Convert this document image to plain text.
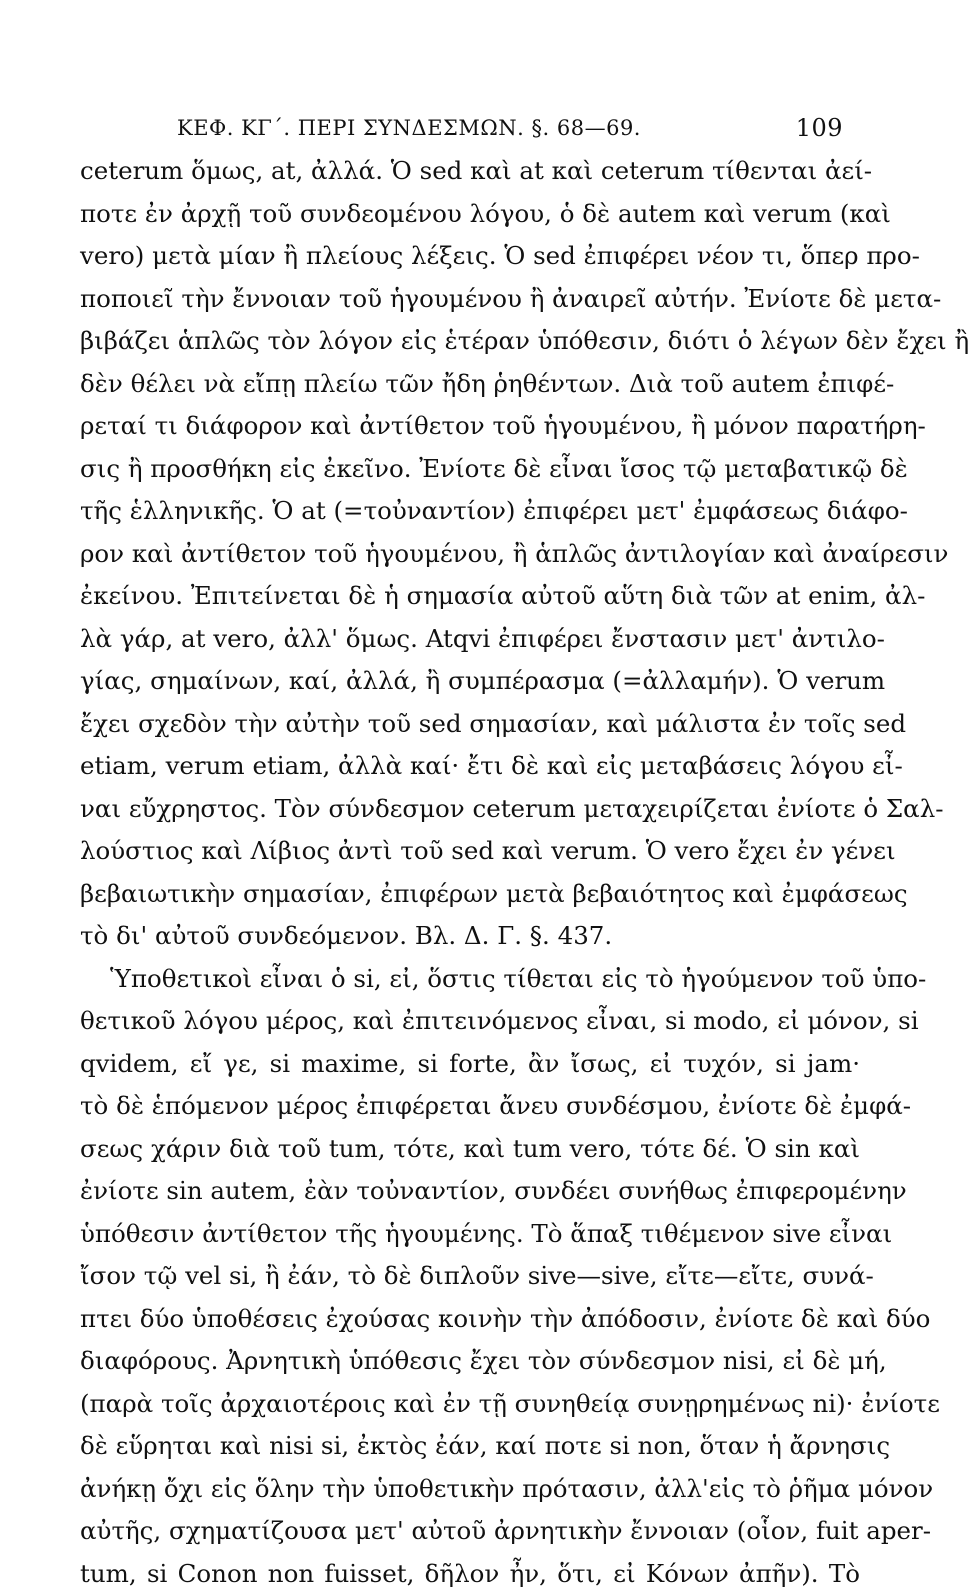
ΚΕΦ. ΚΓ΄. ΠΕΡΙ ΣΥΝΔΕΣΜΩΝ. §. 68—69.	109
ceterum ὅμως, at, ἀλλά. Ὁ sed καὶ at καὶ ceterum τίθενται ἀεί-
ποτε ἐν ἀρχῇ τοῦ συνδεομένου λόγου, ὁ δὲ autem καὶ verum (καὶ
vero) μετὰ μίαν ἢ πλείους λέξεις. Ὁ sed ἐπιφέρει νέον τι, ὅπερ προ-
ποποιεῖ τὴν ἔννοιαν τοῦ ἡγουμένου ἢ ἀναιρεῖ αὐτήν. Ἐνίοτε δὲ μετα-
βιβάζει ἁπλῶς τὸν λόγον εἰς ἑτέραν ὑπόθεσιν, διότι ὁ λέγων δὲν ἔχει ἢ
δὲν θέλει νὰ εἴπῃ πλείω τῶν ἤδη ῥηθέντων. Διὰ τοῦ autem ἐπιφέ-
ρεταί τι διάφορον καὶ ἀντίθετον τοῦ ἡγουμένου, ἢ μόνον παρατήρη-
σις ἢ προσθήκη εἰς ἐκεῖνο. Ἐνίοτε δὲ εἶναι ἴσος τῷ μεταβατικῷ δὲ
τῆς ἑλληνικῆς. Ὁ at (=τοὐναντίον) ἐπιφέρει μετ' ἐμφάσεως διάφο-
ρον καὶ ἀντίθετον τοῦ ἡγουμένου, ἢ ἁπλῶς ἀντιλογίαν καὶ ἀναίρεσιν
ἐκείνου. Ἐπιτείνεται δὲ ἡ σημασία αὐτοῦ αὕτη διὰ τῶν at enim, ἀλ-
λὰ γάρ, at vero, ἀλλ' ὅμως. Atqvi ἐπιφέρει ἔνστασιν μετ' ἀντιλο-
γίας, σημαίνων, καί, ἀλλά, ἢ συμπέρασμα (=ἀλλαμήν). Ὁ verum
ἔχει σχεδὸν τὴν αὐτὴν τοῦ sed σημασίαν, καὶ μάλιστα ἐν τοῖς sed
etiam, verum etiam, ἀλλὰ καί· ἔτι δὲ καὶ εἰς μεταβάσεις λόγου εἶ-
ναι εὔχρηστος. Τὸν σύνδεσμον ceterum μεταχειρίζεται ἐνίοτε ὁ Σαλ-
λούστιος καὶ Λίβιος ἀντὶ τοῦ sed καὶ verum. Ὁ vero ἔχει ἐν γένει
βεβαιωτικὴν σημασίαν, ἐπιφέρων μετὰ βεβαιότητος καὶ ἐμφάσεως
τὸ δι' αὐτοῦ συνδεόμενον. Βλ. Δ. Γ. §. 437.
Ὑποθετικοὶ εἶναι ὁ si, εἰ, ὅστις τίθεται εἰς τὸ ἡγούμενον τοῦ ὑπο-
θετικοῦ λόγου μέρος, καὶ ἐπιτεινόμενος εἶναι, si modo, εἰ μόνον, si
qvidem, εἴ γε, si maxime, si forte, ἂν ἴσως, εἰ τυχόν, si jam·
τὸ δὲ ἑπόμενον μέρος ἐπιφέρεται ἄνευ συνδέσμου, ἐνίοτε δὲ ἐμφά-
σεως χάριν διὰ τοῦ tum, τότε, καὶ tum vero, τότε δέ. Ὁ sin καὶ
ἐνίοτε sin autem, ἐὰν τοὐναντίον, συνδέει συνήθως ἐπιφερομένην
ὑπόθεσιν ἀντίθετον τῆς ἡγουμένης. Τὸ ἅπαξ τιθέμενον sive εἶναι
ἴσον τῷ vel si, ἢ ἐάν, τὸ δὲ διπλοῦν sive—sive, εἴτε—εἴτε, συνά-
πτει δύο ὑποθέσεις ἐχούσας κοινὴν τὴν ἀπόδοσιν, ἐνίοτε δὲ καὶ δύο
διαφόρους. Ἀρνητικὴ ὑπόθεσις ἔχει τὸν σύνδεσμον nisi, εἰ δὲ μή,
(παρὰ τοῖς ἀρχαιοτέροις καὶ ἐν τῇ συνηθείᾳ συνῃρημένως ni)· ἐνίοτε
δὲ εὕρηται καὶ nisi si, ἐκτὸς ἐάν, καί ποτε si non, ὅταν ἡ ἄρνησις
ἀνήκῃ ὄχι εἰς ὅλην τὴν ὑποθετικὴν πρότασιν, ἀλλ'εἰς τὸ ῥῆμα μόνον
αὐτῆς, σχηματίζουσα μετ' αὐτοῦ ἀρνητικὴν ἔννοιαν (οἷον, fuit aper-
tum, si Conon non fuisset, δῆλον ἦν, ὅτι, εἰ Κόνων ἀπῆν). Τὸ
